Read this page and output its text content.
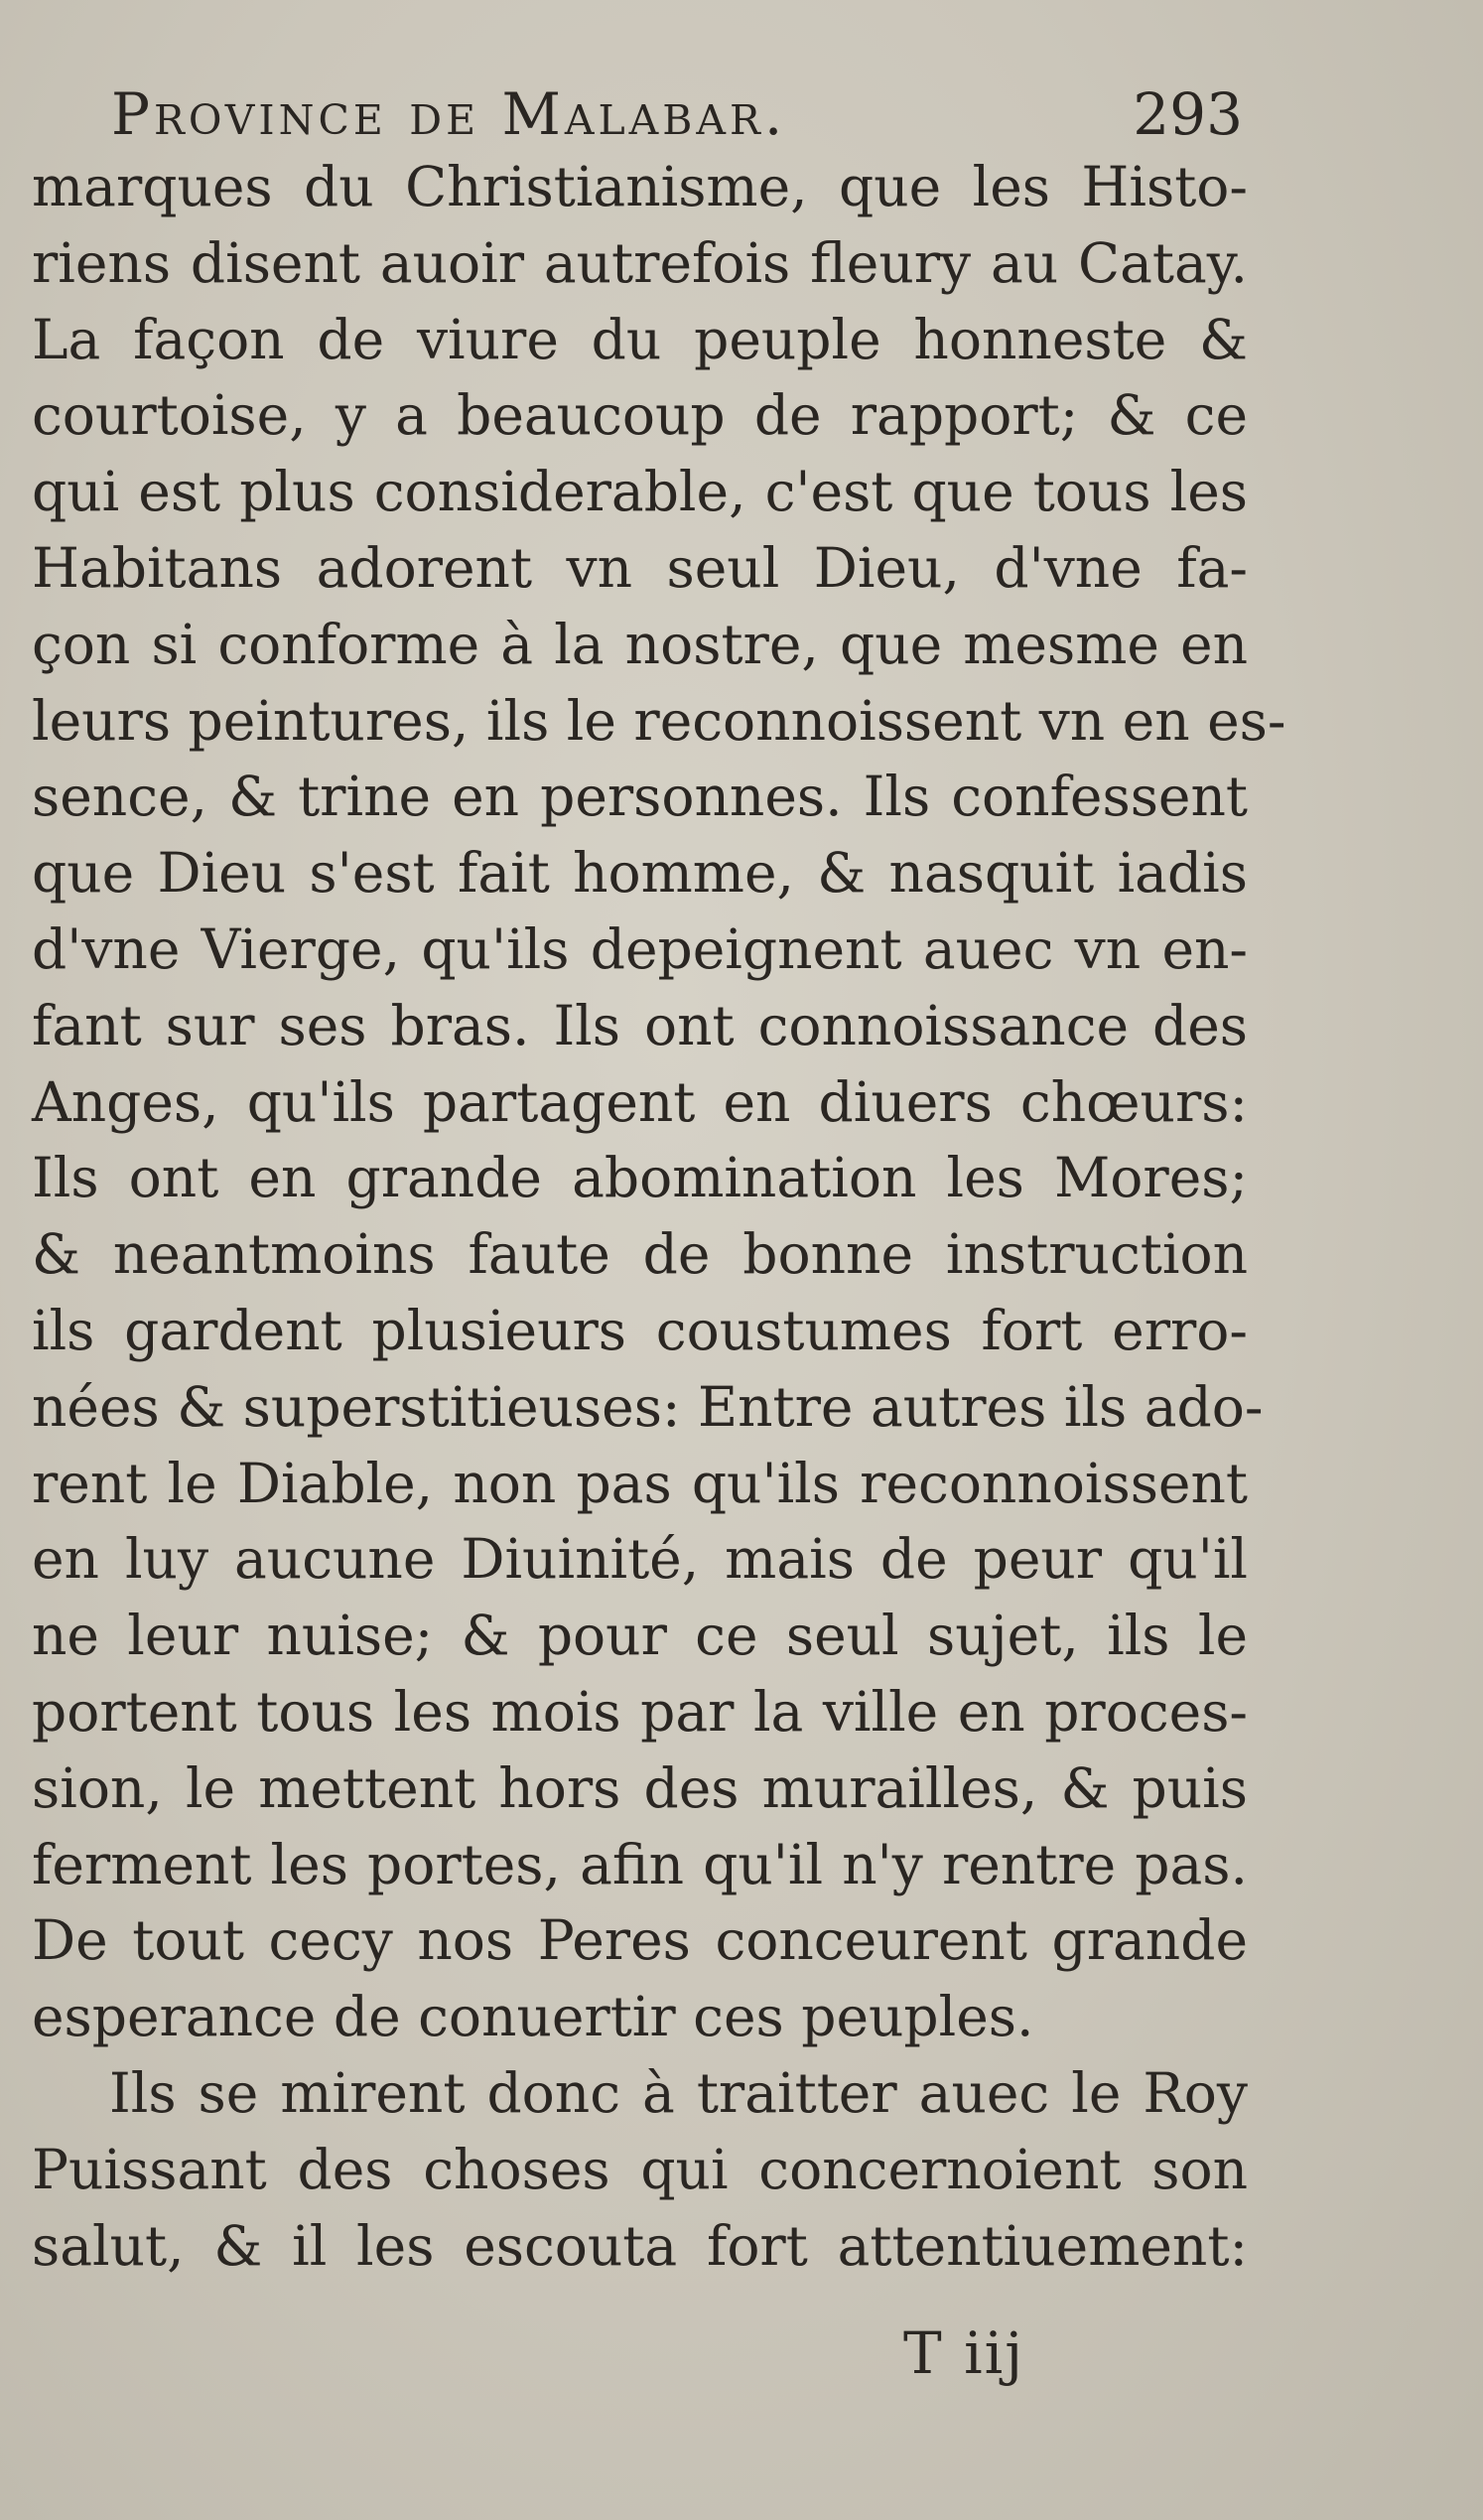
Province de Malabar.	293
marques du Christianisme, que les Histo-
riens disent auoir autrefois fleury au Catay.
La façon de viure du peuple honneste &
courtoise, y a beaucoup de rapport; & ce
qui est plus considerable, c'est que tous les
Habitans adorent vn seul Dieu, d'vne fa-
çon si conforme à la nostre, que mesme en
leurs peintures, ils le reconnoissent vn en es-
sence, & trine en personnes. Ils confessent
que Dieu s'est fait homme, & nasquit iadis
d'vne Vierge, qu'ils depeignent auec vn en-
fant sur ses bras. Ils ont connoissance des
Anges, qu'ils partagent en diuers chœurs:
Ils ont en grande abomination les Mores;
& neantmoins faute de bonne instruction
ils gardent plusieurs coustumes fort erro-
nées & superstitieuses: Entre autres ils ado-
rent le Diable, non pas qu'ils reconnoissent
en luy aucune Diuinité, mais de peur qu'il
ne leur nuise; & pour ce seul sujet, ils le
portent tous les mois par la ville en proces-
sion, le mettent hors des murailles, & puis
ferment les portes, afin qu'il n'y rentre pas.
De tout cecy nos Peres conceurent grande
esperance de conuertir ces peuples.
Ils se mirent donc à traitter auec le Roy
Puissant des choses qui concernoient son
salut, & il les escouta fort attentiuement:
T iij
